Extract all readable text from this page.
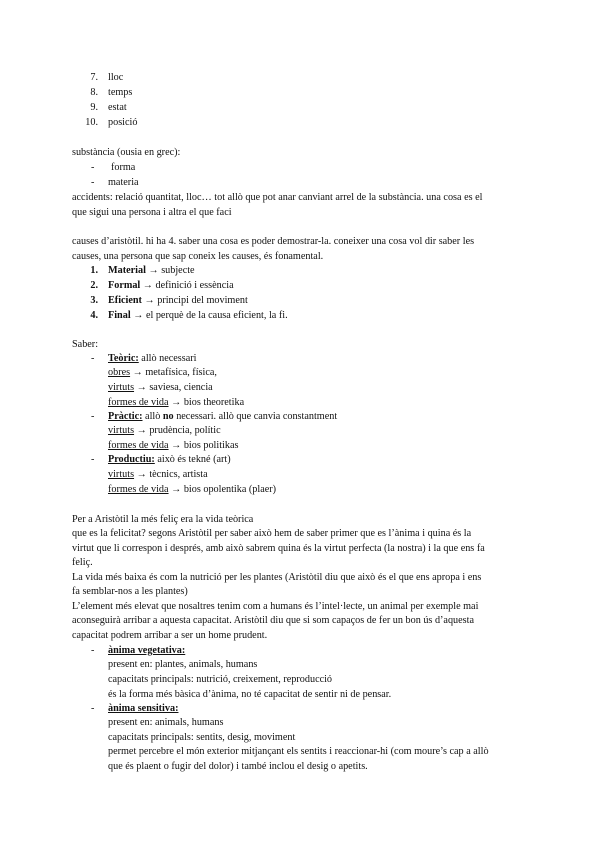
7. lloc
8. temps
9. estat
10. posició
substància (ousia en grec):
- forma
- materia
accidents: relació quantitat, lloc… tot allò que pot anar canviant arrel de la substància. una cosa es el
que sigui una persona i altra el que faci
causes d’aristòtil. hi ha 4. saber una cosa es poder demostrar-la. coneixer una cosa vol dir saber les
causes, una persona que sap coneix les causes, és fonamental.
1. Material → subjecte
2. Formal → definició i essència
3. Eficient → principi del moviment
4. Final → el perquè de la causa eficient, la fi.
Saber:
- Teòric: allò necessari
obres → metafísica, física,
virtuts → saviesa, ciencia
formes de vida → bios theoretika
- Pràctic: allò no necessari. allò que canvia constantment
virtuts → prudència, polític
formes de vida → bios politikas
- Productiu: això és tekné (art)
virtuts → tècnics, artista
formes de vida → bios opolentika (plaer)
Per a Aristòtil la més feliç era la vida teòrica
que es la felicitat? segons Aristòtil per saber això hem de saber primer que es l’ànima i quina és la
virtut que li correspon i després, amb això sabrem quina és la virtut perfecta (la nostra) i la que ens fa
feliç.
La vida més baixa és com la nutrició per les plantes (Aristòtil diu que això és el que ens apropa i ens
fa semblar-nos a les plantes)
L’element més elevat que nosaltres tenim com a humans és l’intel·lecte, un animal per exemple mai
aconseguirà arribar a aquesta capacitat. Aristòtil diu que si som capaços de fer un bon ús d’aquesta
capacitat podrem arribar a ser un home prudent.
- ànima vegetativa:
present en: plantes, animals, humans
capacitats principals: nutrició, creixement, reproducció
és la forma més bàsica d’ànima, no té capacitat de sentir ni de pensar.
- ànima sensitiva:
present en: animals, humans
capacitats principals: sentits, desig, moviment
permet percebre el món exterior mitjançant els sentits i reaccionar-hi (com moure’s cap a allò
que és plaent o fugir del dolor) i també inclou el desig o apetits.
